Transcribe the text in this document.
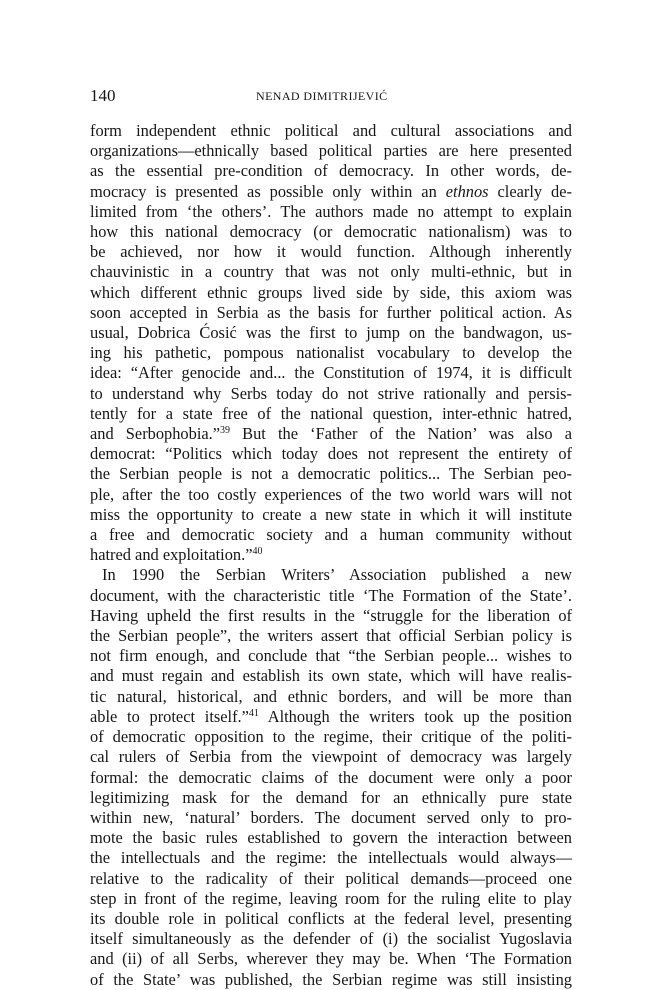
140	NENAD DIMITRIJEVIĆ
form independent ethnic political and cultural associations and
organizations—ethnically based political parties are here presented
as the essential pre-condition of democracy. In other words, de-
mocracy is presented as possible only within an ethnos clearly de-
limited from ‘the others’. The authors made no attempt to explain
how this national democracy (or democratic nationalism) was to
be achieved, nor how it would function. Although inherently
chauvinistic in a country that was not only multi-ethnic, but in
which different ethnic groups lived side by side, this axiom was
soon accepted in Serbia as the basis for further political action. As
usual, Dobrica Ćosić was the first to jump on the bandwagon, us-
ing his pathetic, pompous nationalist vocabulary to develop the
idea: “After genocide and... the Constitution of 1974, it is difficult
to understand why Serbs today do not strive rationally and persis-
tently for a state free of the national question, inter-ethnic hatred,
and Serbophobia.”$^{39}$ But the ‘Father of the Nation’ was also a
democrat: “Politics which today does not represent the entirety of
the Serbian people is not a democratic politics... The Serbian peo-
ple, after the too costly experiences of the two world wars will not
miss the opportunity to create a new state in which it will institute
a free and democratic society and a human community without
hatred and exploitation.”$^{40}$
In 1990 the Serbian Writers’ Association published a new
document, with the characteristic title ‘The Formation of the State’.
Having upheld the first results in the “struggle for the liberation of
the Serbian people”, the writers assert that official Serbian policy is
not firm enough, and conclude that “the Serbian people... wishes to
and must regain and establish its own state, which will have realis-
tic natural, historical, and ethnic borders, and will be more than
able to protect itself.”$^{41}$ Although the writers took up the position
of democratic opposition to the regime, their critique of the politi-
cal rulers of Serbia from the viewpoint of democracy was largely
formal: the democratic claims of the document were only a poor
legitimizing mask for the demand for an ethnically pure state
within new, ‘natural’ borders. The document served only to pro-
mote the basic rules established to govern the interaction between
the intellectuals and the regime: the intellectuals would always—
relative to the radicality of their political demands—proceed one
step in front of the regime, leaving room for the ruling elite to play
its double role in political conflicts at the federal level, presenting
itself simultaneously as the defender of (i) the socialist Yugoslavia
and (ii) of all Serbs, wherever they may be. When ‘The Formation
of the State’ was published, the Serbian regime was still insisting
